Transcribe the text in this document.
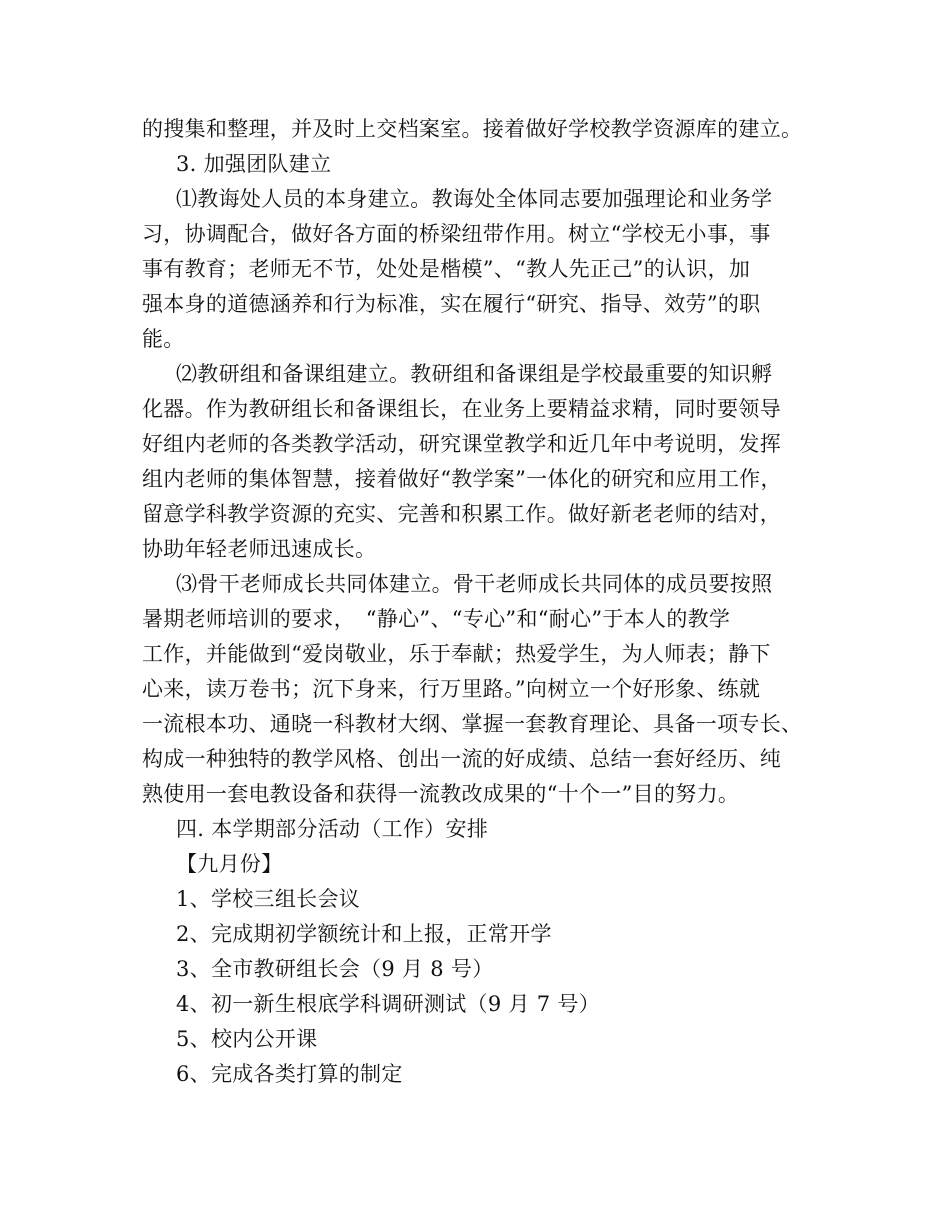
的搜集和整理，并及时上交档案室。接着做好学校教学资源库的建立。
3. 加强团队建立
⑴教诲处人员的本身建立。教诲处全体同志要加强理论和业务学
习，协调配合，做好各方面的桥梁纽带作用。树立“学校无小事，事
事有教育；老师无不节，处处是楷模”、“教人先正己”的认识，加
强本身的道德涵养和行为标准，实在履行“研究、指导、效劳”的职
能。
⑵教研组和备课组建立。教研组和备课组是学校最重要的知识孵
化器。作为教研组长和备课组长，在业务上要精益求精，同时要领导
好组内老师的各类教学活动，研究课堂教学和近几年中考说明，发挥
组内老师的集体智慧，接着做好“教学案”一体化的研究和应用工作，
留意学科教学资源的充实、完善和积累工作。做好新老老师的结对，
协助年轻老师迅速成长。
⑶骨干老师成长共同体建立。骨干老师成长共同体的成员要按照
暑期老师培训的要求，　“静心”、“专心”和“耐心”于本人的教学
工作，并能做到“爱岗敬业，乐于奉献；热爱学生，为人师表；静下
心来，读万卷书；沉下身来，行万里路。”向树立一个好形象、练就
一流根本功、通晓一科教材大纲、掌握一套教育理论、具备一项专长、
构成一种独特的教学风格、创出一流的好成绩、总结一套好经历、纯
熟使用一套电教设备和获得一流教改成果的“十个一”目的努力。
四. 本学期部分活动（工作）安排
【九月份】
1、学校三组长会议
2、完成期初学额统计和上报，正常开学
3、全市教研组长会（9 月 8 号）
4、初一新生根底学科调研测试（9 月 7 号）
5、校内公开课
6、完成各类打算的制定
